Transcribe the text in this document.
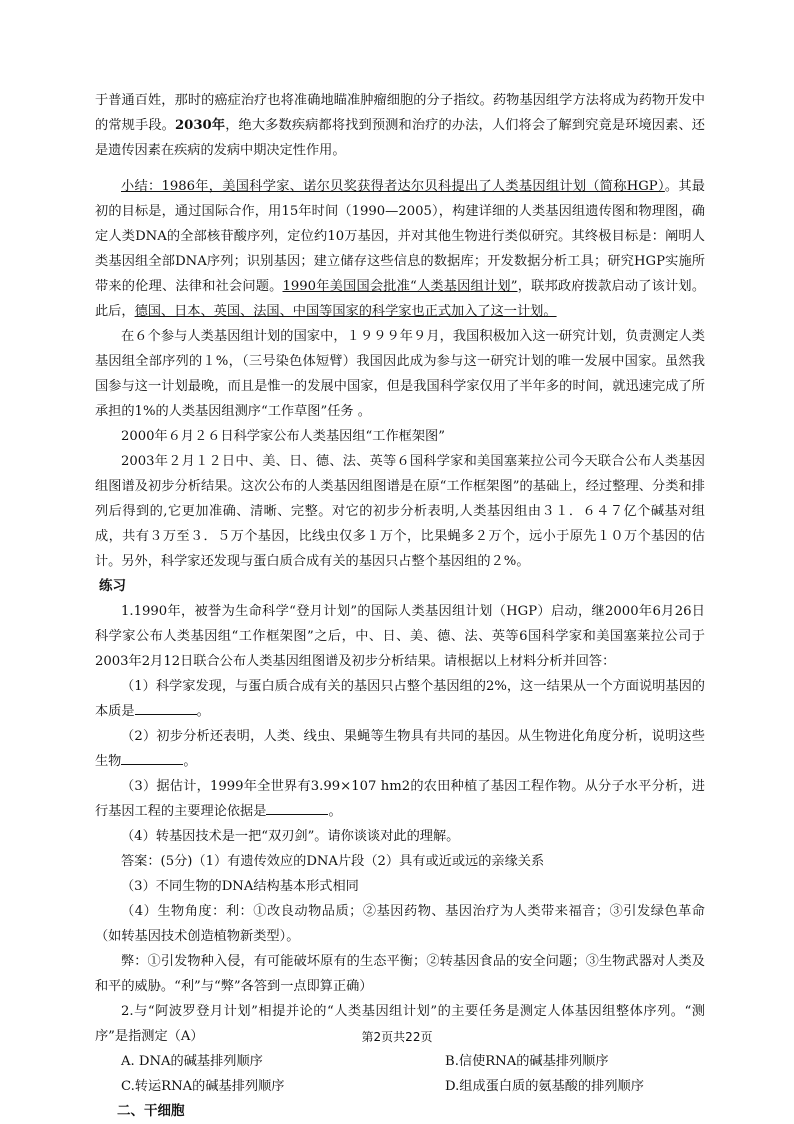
于普通百姓，那时的癌症治疗也将准确地瞄准肿瘤细胞的分子指纹。药物基因组学方法将成为药物开发中的常规手段。2030年，绝大多数疾病都将找到预测和治疗的办法，人们将会了解到究竟是环境因素、还是遗传因素在疾病的发病中期决定性作用。

小结：1986年，美国科学家、诺尔贝奖获得者达尔贝科提出了人类基因组计划（简称HGP）。其最初的目标是，通过国际合作，用15年时间（1990—2005），构建详细的人类基因组遗传图和物理图，确定人类DNA的全部核苷酸序列，定位约10万基因，并对其他生物进行类似研究。其终极目标是：阐明人类基因组全部DNA序列；识别基因；建立储存这些信息的数据库；开发数据分析工具；研究HGP实施所带来的伦理、法律和社会问题。1990年美国国会批准“人类基因组计划”，联邦政府拨款启动了该计划。此后，德国、日本、英国、法国、中国等国家的科学家也正式加入了这一计划。

在６个参与人类基因组计划的国家中，１９９９年９月，我国积极加入这一研究计划，负责测定人类基因组全部序列的１%，（三号染色体短臂）我国因此成为参与这一研究计划的唯一发展中国家。虽然我国参与这一计划最晚，而且是惟一的发展中国家，但是我国科学家仅用了半年多的时间，就迅速完成了所承担的1%的人类基因组测序“工作草图”任务 。

2000年６月２６日科学家公布人类基因组“工作框架图”

2003年２月１２日中、美、日、德、法、英等６国科学家和美国塞莱拉公司今天联合公布人类基因组图谱及初步分析结果。这次公布的人类基因组图谱是在原“工作框架图”的基础上，经过整理、分类和排列后得到的,它更加准确、清晰、完整。对它的初步分析表明,人类基因组由３１．６４７亿个碱基对组成，共有３万至３．５万个基因，比线虫仅多１万个，比果蝇多２万个，远小于原先１０万个基因的估计。另外，科学家还发现与蛋白质合成有关的基因只占整个基因组的２%。

练习

1.1990年，被誉为生命科学“登月计划”的国际人类基因组计划（HGP）启动，继2000年6月26日科学家公布人类基因组“工作框架图”之后，中、日、美、德、法、英等6国科学家和美国塞莱拉公司于2003年2月12日联合公布人类基因组图谱及初步分析结果。请根据以上材料分析并回答：

（1）科学家发现，与蛋白质合成有关的基因只占整个基因组的2%，这一结果从一个方面说明基因的本质是	。

（2）初步分析还表明，人类、线虫、果蝇等生物具有共同的基因。从生物进化角度分析，说明这些生物	。

（3）据估计，1999年全世界有3.99×107 hm2的农田种植了基因工程作物。从分子水平分析，进行基因工程的主要理论依据是	。

（4）转基因技术是一把“双刃剑”。请你谈谈对此的理解。

答案：(5分)（1）有遗传效应的DNA片段（2）具有或近或远的亲缘关系

（3）不同生物的DNA结构基本形式相同

（4）生物角度：利：①改良动物品质；②基因药物、基因治疗为人类带来福音；③引发绿色革命（如转基因技术创造植物新类型）。

弊：①引发物种入侵，有可能破坏原有的生态平衡；②转基因食品的安全问题；③生物武器对人类及和平的威胁。“利”与“弊”各答到一点即算正确）

2.与“阿波罗登月计划”相提并论的“人类基因组计划”的主要任务是测定人体基因组整体序列。“测序”是指测定（A）

A. DNA的碱基排列顺序	B.信使RNA的碱基排列顺序
C.转运RNA的碱基排列顺序	D.组成蛋白质的氨基酸的排列顺序
二、干细胞
第2页共22页
